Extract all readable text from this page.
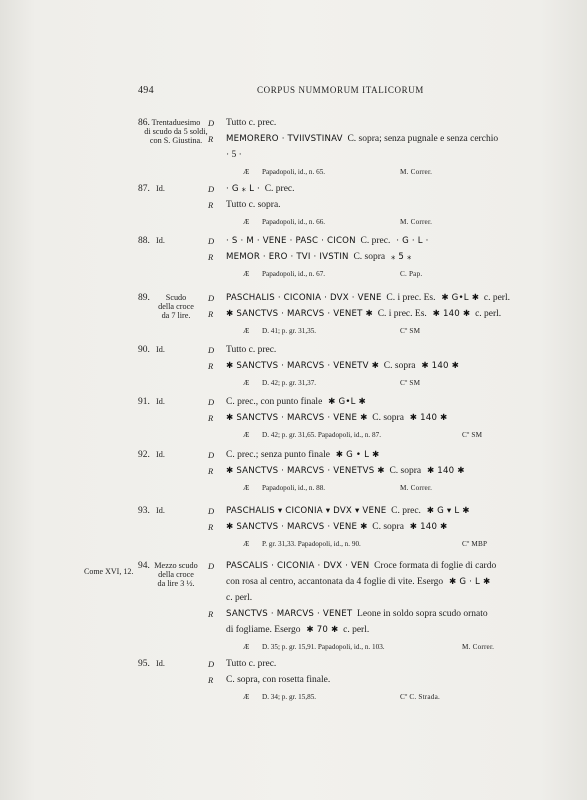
494	CORPUS NUMMORUM ITALICORUM
Come XVI, 12.
86. Trentaduesimo
di scudo da 5 soldi,
con S. Giustina.
D Tutto c. prec.
R MEMORERO · TVIIVSTINAV  C. sopra; senza pugnale e senza cerchio
· 5 ·
Æ Papadopoli, id., n. 65.	M. Correr.
87. Id.	D · G ⁎ L ·  C. prec.
R Tutto c. sopra.
Æ Papadopoli, id., n. 66.	M. Correr.
88. Id.	D · S · M · VENE · PASC · CICON  C. prec.  · G · L ·
R MEMOR · ERO · TVI · IVSTIN  C. sopra  ⁎ 5 ⁎
Æ Papadopoli, id., n. 67.	C. Pap.
89.	Scudo
della croce
da 7 lire.
D PASCHALIS · CICONIA · DVX · VENE  C. i prec. Es.  ✱ G•L ✱  c. perl.
R ✱ SANCTVS · MARCVS · VENET ✱  C. i prec. Es.  ✱ 140 ✱  c. perl.
Æ D. 41; p. gr. 31,35.	Cº SM
90. Id.	D Tutto c. prec.
R ✱ SANCTVS · MARCVS · VENETV ✱  C. sopra  ✱ 140 ✱
Æ D. 42; p. gr. 31,37.	Cº SM
91. Id.	D C. prec., con punto finale  ✱ G•L ✱
R ✱ SANCTVS · MARCVS · VENE ✱  C. sopra  ✱ 140 ✱
Æ D. 42; p. gr. 31,65. Papadopoli, id., n. 87.	Cº SM
92. Id.	D C. prec.; senza punto finale  ✱ G • L ✱
R ✱ SANCTVS · MARCVS · VENETVS ✱  C. sopra  ✱ 140 ✱
Æ Papadopoli, id., n. 88.	M. Correr.
93. Id.	D PASCHALIS ▾ CICONIA ▾ DVX ▾ VENE  C. prec.  ✱ G ▾ L ✱
R ✱ SANCTVS · MARCVS · VENE ✱  C. sopra  ✱ 140 ✱
Æ P. gr. 31,33. Papadopoli, id., n. 90.	Cº MBP
94. Mezzo scudo
della croce
da lire 3 ½.
D PASCALIS · CICONIA · DVX · VEN  Croce formata di foglie di cardo
con rosa al centro, accantonata da 4 foglie di vite. Esergo  ✱ G · L ✱
c. perl.
R SANCTVS · MARCVS · VENET  Leone in soldo sopra scudo ornato
di fogliame. Esergo  ✱ 70 ✱  c. perl.
Æ D. 35; p. gr. 15,91. Papadopoli, id., n. 103.	M. Correr.
95. Id.	D Tutto c. prec.
R C. sopra, con rosetta finale.
Æ D. 34; p. gr. 15,85.	Cº C. Strada.
